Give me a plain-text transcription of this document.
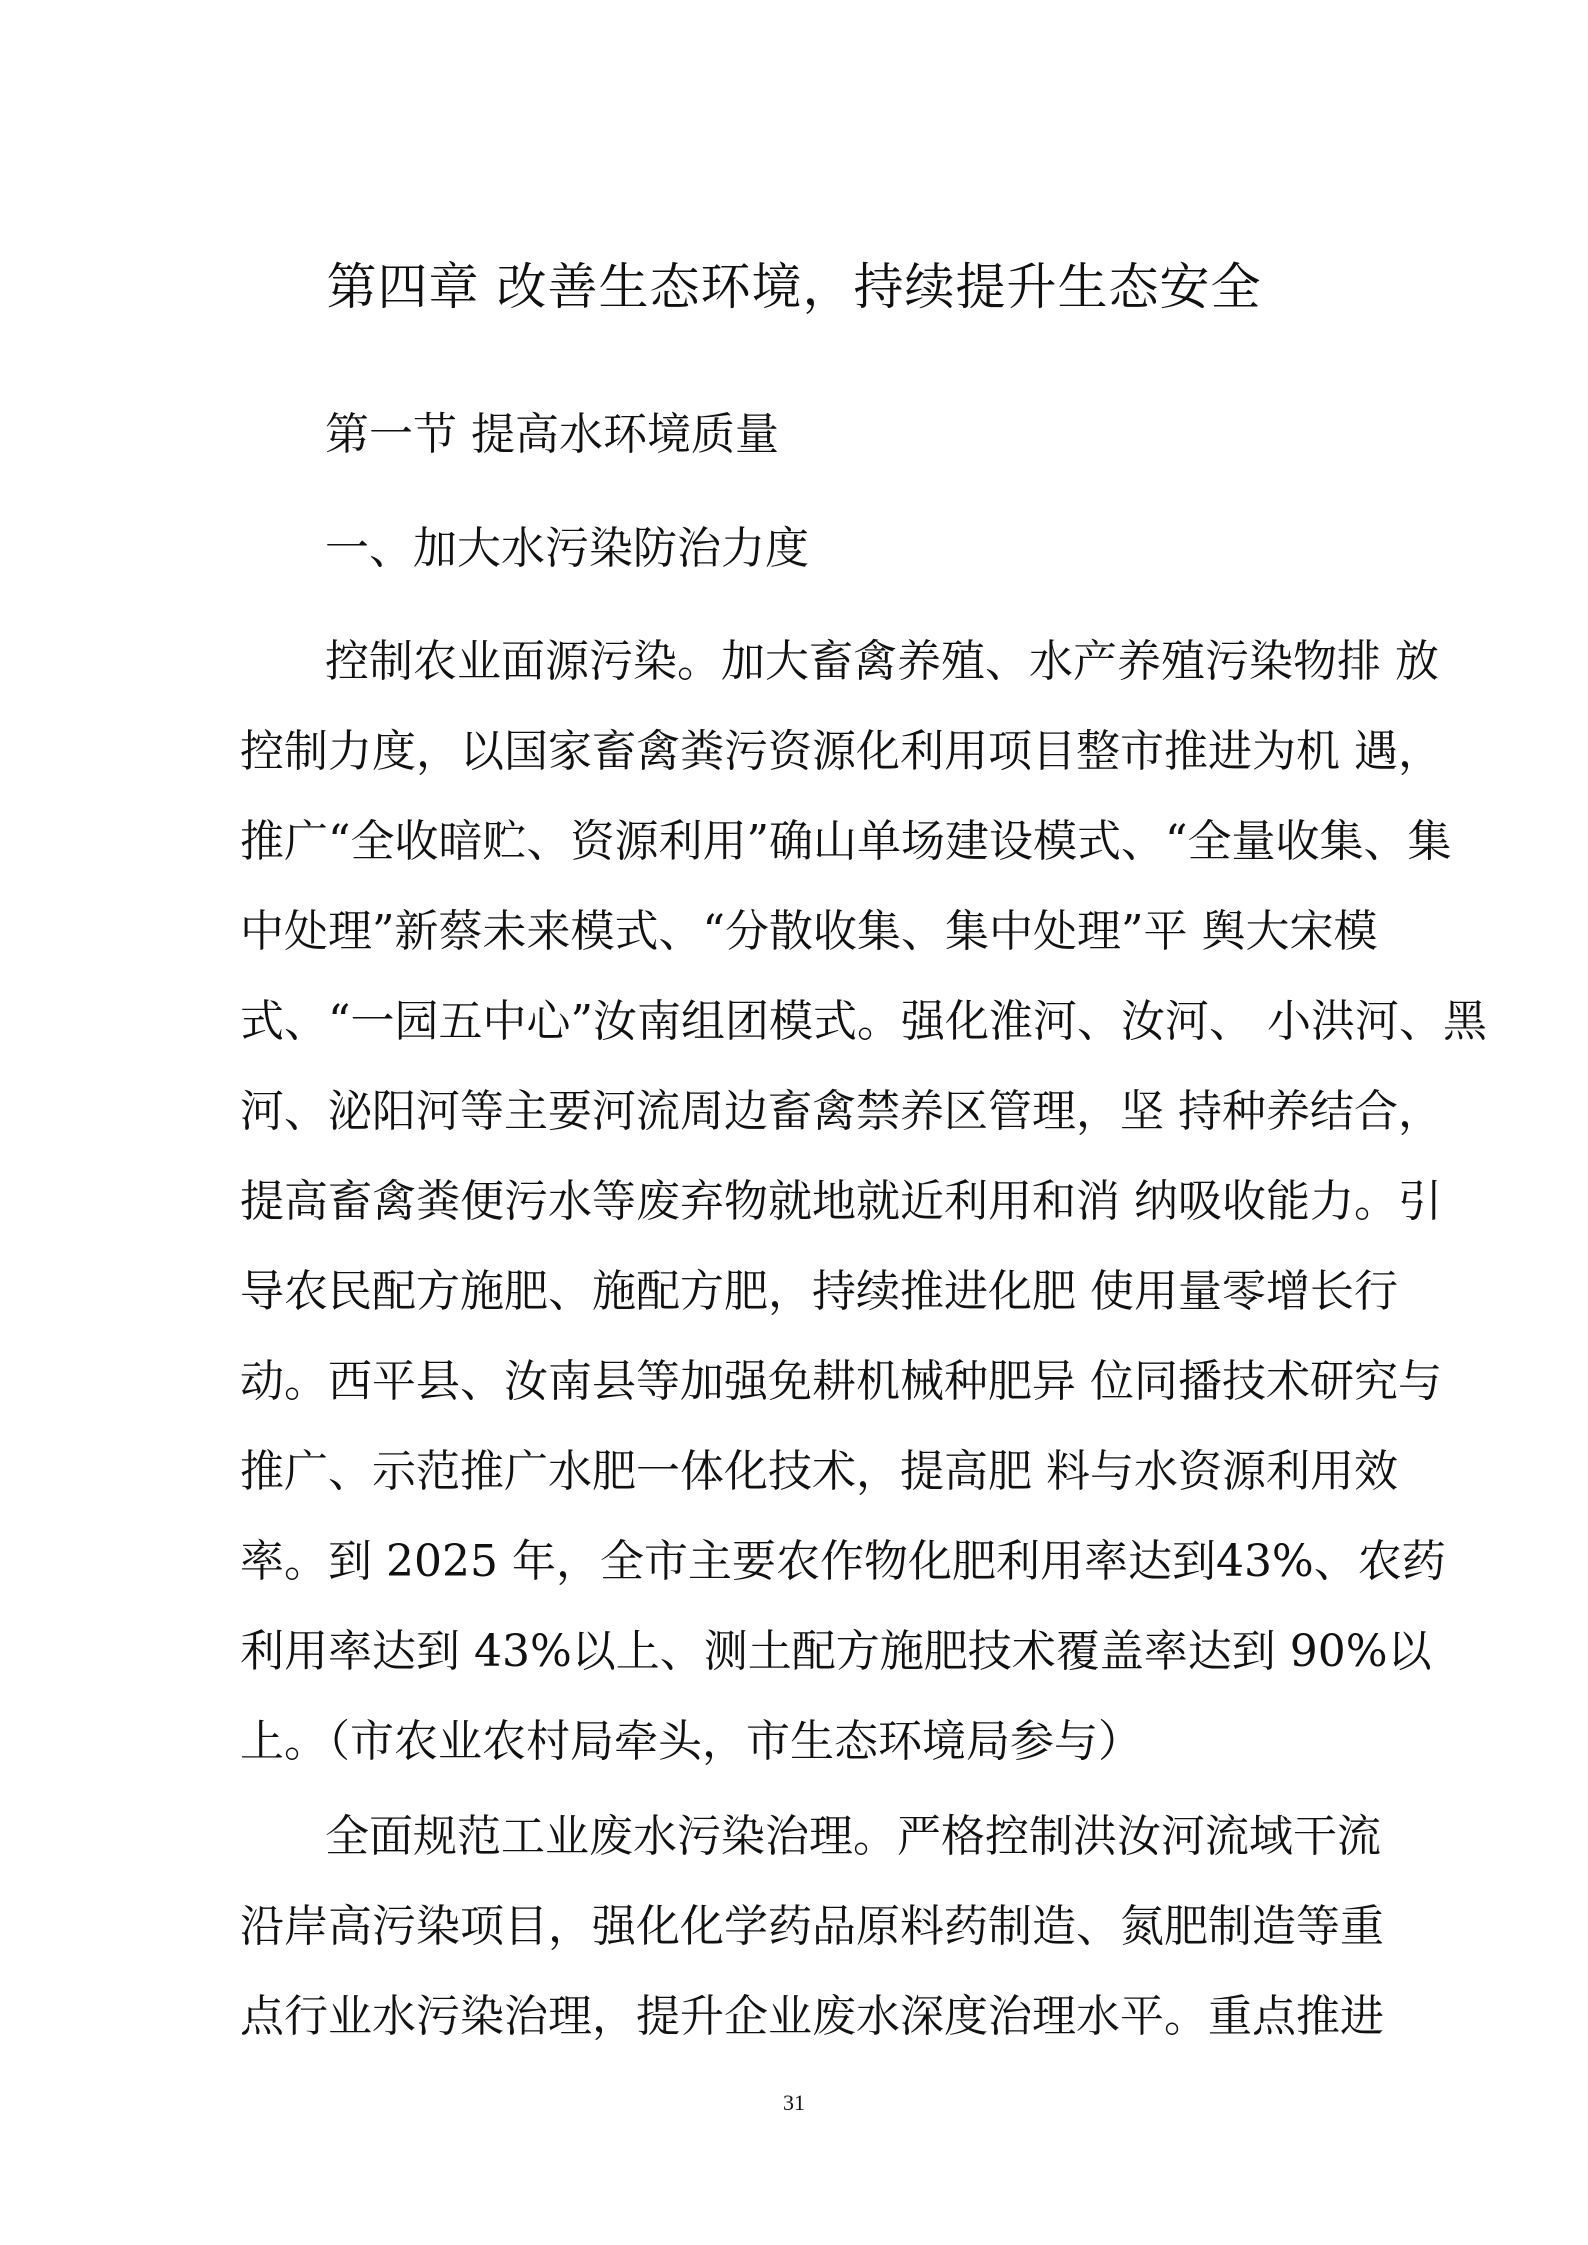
第四章 改善生态环境，持续提升生态安全
第一节 提高水环境质量
一、加大水污染防治力度
控制农业面源污染。加大畜禽养殖、水产养殖污染物排 放
控制力度，以国家畜禽粪污资源化利用项目整市推进为机 遇，
推广“全收暗贮、资源利用”确山单场建设模式、“全量收集、集
中处理”新蔡未来模式、“分散收集、集中处理”平 舆大宋模
式、“一园五中心”汝南组团模式。强化淮河、汝河、 小洪河、黑
河、泌阳河等主要河流周边畜禽禁养区管理，坚 持种养结合，
提高畜禽粪便污水等废弃物就地就近利用和消 纳吸收能力。引
导农民配方施肥、施配方肥，持续推进化肥 使用量零增长行
动。西平县、汝南县等加强免耕机械种肥异 位同播技术研究与
推广、示范推广水肥一体化技术，提高肥 料与水资源利用效
率。到 2025 年，全市主要农作物化肥利用率达到43%、农药
利用率达到 43%以上、测土配方施肥技术覆盖率达到 90%以
上。（市农业农村局牵头，市生态环境局参与）
全面规范工业废水污染治理。严格控制洪汝河流域干流
沿岸高污染项目，强化化学药品原料药制造、氮肥制造等重
点行业水污染治理，提升企业废水深度治理水平。重点推进
31
